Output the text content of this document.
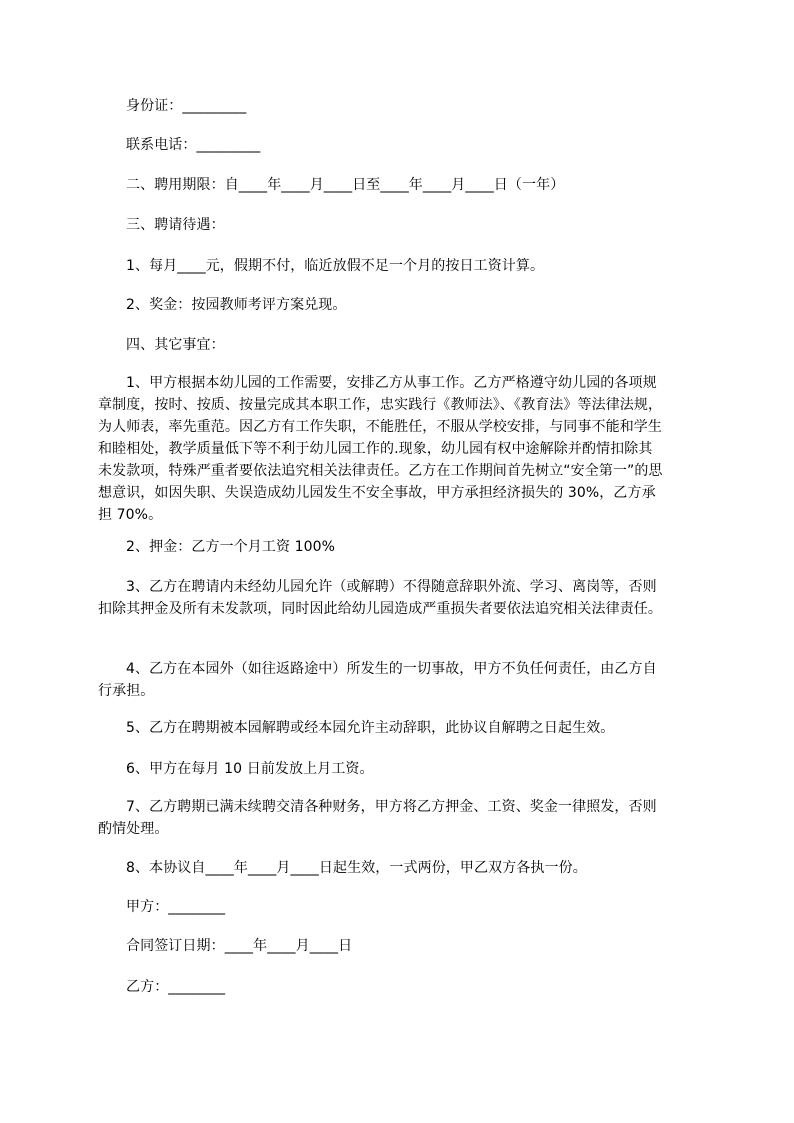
身份证：_________
联系电话：_________
二、聘用期限：自____年____月____日至____年____月____日（一年）
三、聘请待遇：
1、每月____元，假期不付，临近放假不足一个月的按日工资计算。
2、奖金：按园教师考评方案兑现。
四、其它事宜：
1、甲方根据本幼儿园的工作需要，安排乙方从事工作。乙方严格遵守幼儿园的各项规章制度，按时、按质、按量完成其本职工作，忠实践行《教师法》、《教育法》等法律法规，为人师表，率先重范。因乙方有工作失职，不能胜任，不服从学校安排，与同事不能和学生和睦相处，教学质量低下等不利于幼儿园工作的.现象，幼儿园有权中途解除并酌情扣除其未发款项，特殊严重者要依法追究相关法律责任。乙方在工作期间首先树立“安全第一”的思想意识，如因失职、失误造成幼儿园发生不安全事故，甲方承担经济损失的 30%，乙方承担 70%。
2、押金：乙方一个月工资 100%
3、乙方在聘请内未经幼儿园允许（或解聘）不得随意辞职外流、学习、离岗等，否则扣除其押金及所有未发款项，同时因此给幼儿园造成严重损失者要依法追究相关法律责任。
4、乙方在本园外（如往返路途中）所发生的一切事故，甲方不负任何责任，由乙方自行承担。
5、乙方在聘期被本园解聘或经本园允许主动辞职，此协议自解聘之日起生效。
6、甲方在每月 10 日前发放上月工资。
7、乙方聘期已满未续聘交清各种财务，甲方将乙方押金、工资、奖金一律照发，否则酌情处理。
8、本协议自____年____月____日起生效，一式两份，甲乙双方各执一份。
甲方：________
合同签订日期：____年____月____日
乙方：________
